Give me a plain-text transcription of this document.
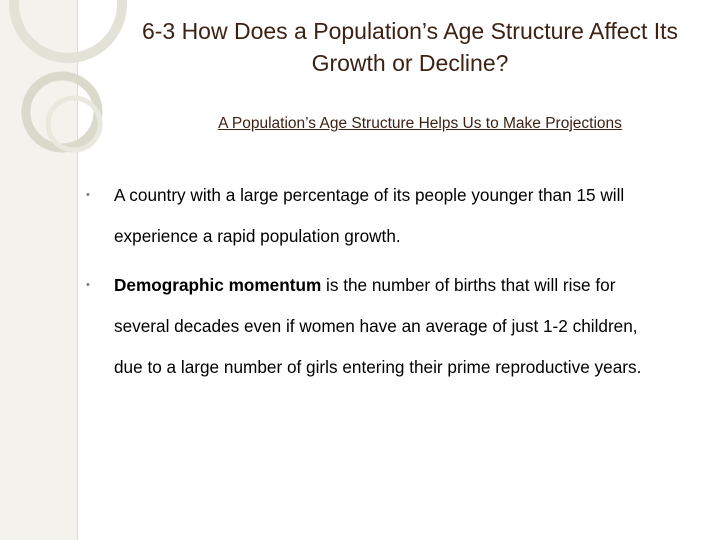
6-3 How Does a Population’s Age Structure Affect Its Growth or Decline?

A Population’s Age Structure Helps Us to Make Projections

• A country with a large percentage of its people younger than 15 will experience a rapid population growth.
• Demographic momentum is the number of births that will rise for several decades even if women have an average of just 1-2 children, due to a large number of girls entering their prime reproductive years.
